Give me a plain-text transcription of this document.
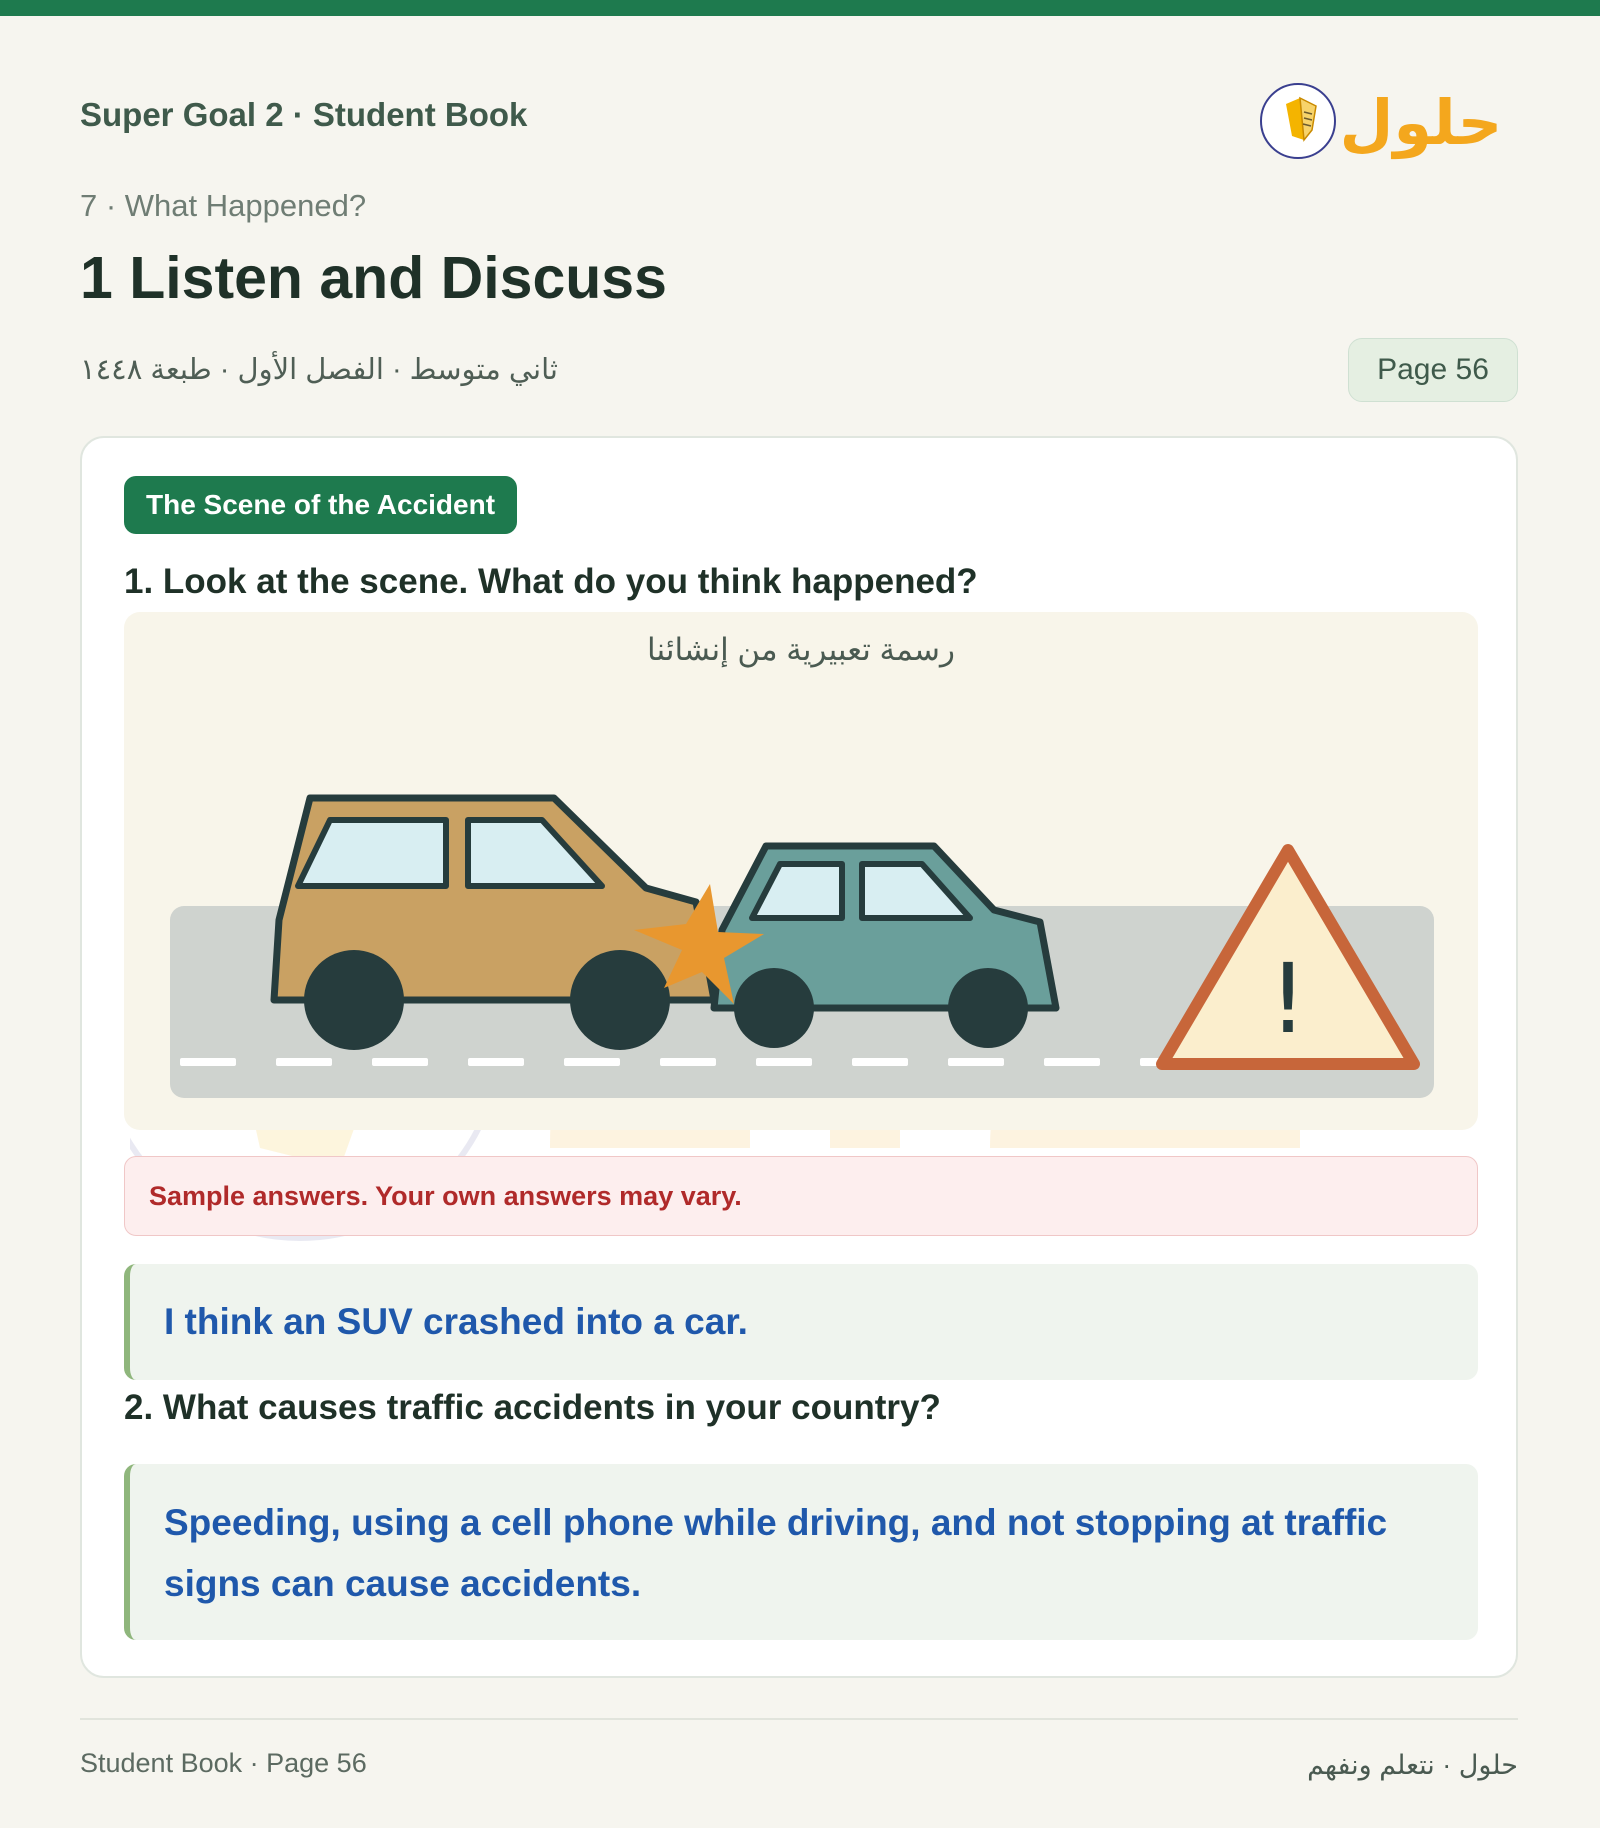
Super Goal 2 · Student Book	حلول
7 · What Happened?
1 Listen and Discuss
ثاني متوسط · الفصل الأول · طبعة ١٤٤٨	Page 56
The Scene of the Accident
1. Look at the scene. What do you think happened?
رسمة تعبيرية من إنشائنا
!
Sample answers. Your own answers may vary.
I think an SUV crashed into a car.
2. What causes traffic accidents in your country?
Speeding, using a cell phone while driving, and not stopping at traffic signs can cause accidents.
Student Book · Page 56	حلول · نتعلم ونفهم
